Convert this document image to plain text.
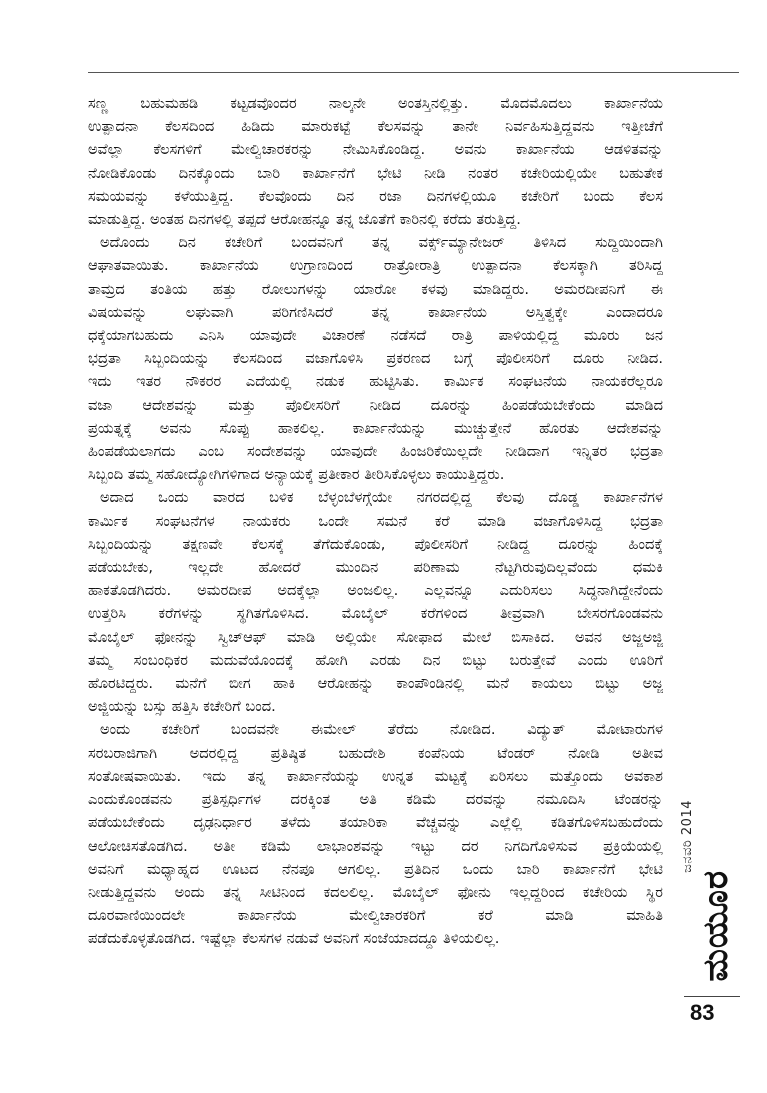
ಸಣ್ಣ ಬಹುಮಹಡಿ ಕಟ್ಟಡವೊಂದರ ನಾಲ್ಕನೇ ಅಂತಸ್ತಿನಲ್ಲಿತ್ತು. ಮೊದಮೊದಲು ಕಾರ್ಖಾನೆಯ
ಉತ್ಪಾದನಾ ಕೆಲಸದಿಂದ ಹಿಡಿದು ಮಾರುಕಟ್ಟೆ ಕೆಲಸವನ್ನು ತಾನೇ ನಿರ್ವಹಿಸುತ್ತಿದ್ದವನು ಇತ್ತೀಚೆಗೆ
ಅವೆಲ್ಲಾ ಕೆಲಸಗಳಿಗೆ ಮೇಲ್ವಿಚಾರಕರನ್ನು ನೇಮಿಸಿಕೊಂಡಿದ್ದ. ಅವನು ಕಾರ್ಖಾನೆಯ ಆಡಳಿತವನ್ನು
ನೋಡಿಕೊಂಡು ದಿನಕ್ಕೊಂದು ಬಾರಿ ಕಾರ್ಖಾನೆಗೆ ಭೇಟಿ ನೀಡಿ ನಂತರ ಕಚೇರಿಯಲ್ಲಿಯೇ ಬಹುತೇಕ
ಸಮಯವನ್ನು ಕಳೆಯುತ್ತಿದ್ದ. ಕೆಲವೊಂದು ದಿನ ರಜಾ ದಿನಗಳಲ್ಲಿಯೂ ಕಚೇರಿಗೆ ಬಂದು ಕೆಲಸ
ಮಾಡುತ್ತಿದ್ದ. ಅಂತಹ ದಿನಗಳಲ್ಲಿ ತಪ್ಪದೆ ಆರೋಹನ್ನೂ ತನ್ನ ಜೊತೆಗೆ ಕಾರಿನಲ್ಲಿ ಕರೆದು ತರುತ್ತಿದ್ದ.

ಅದೊಂದು ದಿನ ಕಚೇರಿಗೆ ಬಂದವನಿಗೆ ತನ್ನ ವರ್ಕ್ಸ್‌ಮ್ಯಾನೇಜರ್ ತಿಳಿಸಿದ ಸುದ್ದಿಯಿಂದಾಗಿ
ಆಘಾತವಾಯಿತು. ಕಾರ್ಖಾನೆಯ ಉಗ್ರಾಣದಿಂದ ರಾತ್ರೋರಾತ್ರಿ ಉತ್ಪಾದನಾ ಕೆಲಸಕ್ಕಾಗಿ ತರಿಸಿದ್ದ
ತಾಮ್ರದ ತಂತಿಯ ಹತ್ತು ರೋಲುಗಳನ್ನು ಯಾರೋ ಕಳವು ಮಾಡಿದ್ದರು. ಅಮರದೀಪನಿಗೆ ಈ
ವಿಷಯವನ್ನು ಲಘುವಾಗಿ ಪರಿಗಣಿಸಿದರೆ ತನ್ನ ಕಾರ್ಖಾನೆಯ ಅಸ್ತಿತ್ವಕ್ಕೇ ಎಂದಾದರೂ
ಧಕ್ಕೆಯಾಗಬಹುದು ಎನಿಸಿ ಯಾವುದೇ ವಿಚಾರಣೆ ನಡೆಸದೆ ರಾತ್ರಿ ಪಾಳಿಯಲ್ಲಿದ್ದ ಮೂರು ಜನ
ಭದ್ರತಾ ಸಿಬ್ಬಂದಿಯನ್ನು ಕೆಲಸದಿಂದ ವಜಾಗೊಳಿಸಿ ಪ್ರಕರಣದ ಬಗ್ಗೆ ಪೊಲೀಸರಿಗೆ ದೂರು ನೀಡಿದ.
ಇದು ಇತರ ನೌಕರರ ಎದೆಯಲ್ಲಿ ನಡುಕ ಹುಟ್ಟಿಸಿತು. ಕಾರ್ಮಿಕ ಸಂಘಟನೆಯ ನಾಯಕರೆಲ್ಲರೂ
ವಜಾ ಆದೇಶವನ್ನು ಮತ್ತು ಪೊಲೀಸರಿಗೆ ನೀಡಿದ ದೂರನ್ನು ಹಿಂಪಡೆಯಬೇಕೆಂದು ಮಾಡಿದ
ಪ್ರಯತ್ನಕ್ಕೆ ಅವನು ಸೊಪ್ಪು ಹಾಕಲಿಲ್ಲ. ಕಾರ್ಖಾನೆಯನ್ನು ಮುಚ್ಚುತ್ತೇನೆ ಹೊರತು ಆದೇಶವನ್ನು
ಹಿಂಪಡೆಯಲಾಗದು ಎಂಬ ಸಂದೇಶವನ್ನು ಯಾವುದೇ ಹಿಂಜರಿಕೆಯಿಲ್ಲದೇ ನೀಡಿದಾಗ ಇನ್ನಿತರ ಭದ್ರತಾ
ಸಿಬ್ಬಂದಿ ತಮ್ಮ ಸಹೋದ್ಯೋಗಿಗಳಿಗಾದ ಅನ್ಯಾಯಕ್ಕೆ ಪ್ರತೀಕಾರ ತೀರಿಸಿಕೊಳ್ಳಲು ಕಾಯುತ್ತಿದ್ದರು.

ಅದಾದ ಒಂದು ವಾರದ ಬಳಿಕ ಬೆಳ್ಳಂಬೆಳಗ್ಗೆಯೇ ನಗರದಲ್ಲಿದ್ದ ಕೆಲವು ದೊಡ್ಡ ಕಾರ್ಖಾನೆಗಳ
ಕಾರ್ಮಿಕ ಸಂಘಟನೆಗಳ ನಾಯಕರು ಒಂದೇ ಸಮನೆ ಕರೆ ಮಾಡಿ ವಜಾಗೊಳಿಸಿದ್ದ ಭದ್ರತಾ
ಸಿಬ್ಬಂದಿಯನ್ನು ತಕ್ಷಣವೇ ಕೆಲಸಕ್ಕೆ ತೆಗೆದುಕೊಂಡು, ಪೊಲೀಸರಿಗೆ ನೀಡಿದ್ದ ದೂರನ್ನು ಹಿಂದಕ್ಕೆ
ಪಡೆಯಬೇಕು, ಇಲ್ಲದೇ ಹೋದರೆ ಮುಂದಿನ ಪರಿಣಾಮ ನೆಟ್ಟಗಿರುವುದಿಲ್ಲವೆಂದು ಧಮಕಿ
ಹಾಕತೊಡಗಿದರು. ಅಮರದೀಪ ಅದಕ್ಕೆಲ್ಲಾ ಅಂಜಲಿಲ್ಲ. ಎಲ್ಲವನ್ನೂ ಎದುರಿಸಲು ಸಿದ್ಧನಾಗಿದ್ದೇನೆಂದು
ಉತ್ತರಿಸಿ ಕರೆಗಳನ್ನು ಸ್ಥಗಿತಗೊಳಿಸಿದ. ಮೊಬೈಲ್ ಕರೆಗಳಿಂದ ತೀವ್ರವಾಗಿ ಬೇಸರಗೊಂಡವನು
ಮೊಬೈಲ್ ಫೋನನ್ನು ಸ್ವಿಚ್‌ಆಫ್ ಮಾಡಿ ಅಲ್ಲಿಯೇ ಸೋಫಾದ ಮೇಲೆ ಬಿಸಾಕಿದ. ಅವನ ಅಜ್ಜಅಜ್ಜಿ
ತಮ್ಮ ಸಂಬಂಧಿಕರ ಮದುವೆಯೊಂದಕ್ಕೆ ಹೋಗಿ ಎರಡು ದಿನ ಬಿಟ್ಟು ಬರುತ್ತೇವೆ ಎಂದು ಊರಿಗೆ
ಹೊರಟಿದ್ದರು. ಮನೆಗೆ ಬೀಗ ಹಾಕಿ ಆರೋಹನ್ನು ಕಾಂಪೌಂಡಿನಲ್ಲಿ ಮನೆ ಕಾಯಲು ಬಿಟ್ಟು ಅಜ್ಜ
ಅಜ್ಜಿಯನ್ನು ಬಸ್ಸು ಹತ್ತಿಸಿ ಕಚೇರಿಗೆ ಬಂದ.

ಅಂದು ಕಚೇರಿಗೆ ಬಂದವನೇ ಈಮೇಲ್ ತೆರೆದು ನೋಡಿದ. ವಿದ್ಯುತ್ ಮೋಟಾರುಗಳ
ಸರಬರಾಜಿಗಾಗಿ ಅದರಲ್ಲಿದ್ದ ಪ್ರತಿಷ್ಠಿತ ಬಹುದೇಶಿ ಕಂಪೆನಿಯ ಟೆಂಡರ್ ನೋಡಿ ಅತೀವ
ಸಂತೋಷವಾಯಿತು. ಇದು ತನ್ನ ಕಾರ್ಖಾನೆಯನ್ನು ಉನ್ನತ ಮಟ್ಟಕ್ಕೆ ಏರಿಸಲು ಮತ್ತೊಂದು ಅವಕಾಶ
ಎಂದುಕೊಂಡವನು ಪ್ರತಿಸ್ಪರ್ಧಿಗಳ ದರಕ್ಕಿಂತ ಅತಿ ಕಡಿಮೆ ದರವನ್ನು ನಮೂದಿಸಿ ಟೆಂಡರನ್ನು
ಪಡೆಯಬೇಕೆಂದು ದೃಢನಿರ್ಧಾರ ತಳೆದು ತಯಾರಿಕಾ ವೆಚ್ಚವನ್ನು ಎಲ್ಲೆಲ್ಲಿ ಕಡಿತಗೊಳಿಸಬಹುದೆಂದು
ಆಲೋಚಿಸತೊಡಗಿದ. ಅತೀ ಕಡಿಮೆ ಲಾಭಾಂಶವನ್ನು ಇಟ್ಟು ದರ ನಿಗದಿಗೊಳಿಸುವ ಪ್ರಕ್ರಿಯೆಯಲ್ಲಿ
ಅವನಿಗೆ ಮಧ್ಯಾಹ್ನದ ಊಟದ ನೆನಪೂ ಆಗಲಿಲ್ಲ. ಪ್ರತಿದಿನ ಒಂದು ಬಾರಿ ಕಾರ್ಖಾನೆಗೆ ಭೇಟಿ
ನೀಡುತ್ತಿದ್ದವನು ಅಂದು ತನ್ನ ಸೀಟಿನಿಂದ ಕದಲಲಿಲ್ಲ. ಮೊಬೈಲ್ ಫೋನು ಇಲ್ಲದ್ದರಿಂದ ಕಚೇರಿಯ ಸ್ಥಿರ
ದೂರವಾಣಿಯಿಂದಲೇ ಕಾರ್ಖಾನೆಯ ಮೇಲ್ವಿಚಾರಕರಿಗೆ ಕರೆ ಮಾಡಿ ಮಾಹಿತಿ
ಪಡೆದುಕೊಳ್ಳತೊಡಗಿದ. ಇಷ್ಟೆಲ್ಲಾ ಕೆಲಸಗಳ ನಡುವೆ ಅವನಿಗೆ ಸಂಜೆಯಾದದ್ದೂ ತಿಳಿಯಲಿಲ್ಲ.

ಜನವರಿ 2014
ಮಯೂರ
83
